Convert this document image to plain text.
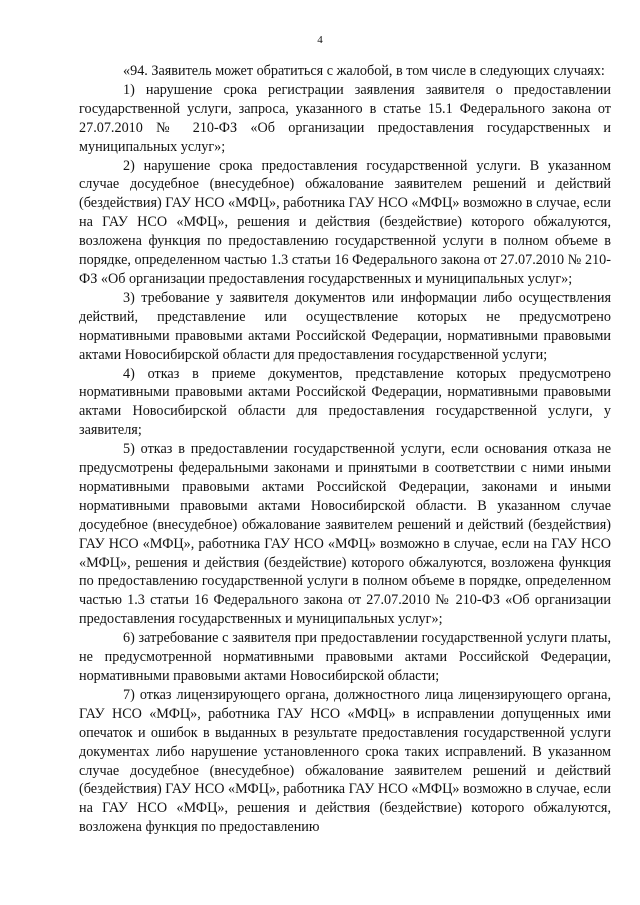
4

«94. Заявитель может обратиться с жалобой, в том числе в следующих случаях:

1) нарушение срока регистрации заявления заявителя о предоставлении государственной услуги, запроса, указанного в статье 15.1 Федерального закона от 27.07.2010 № 210-ФЗ «Об организации предоставления государственных и муниципальных услуг»;

2) нарушение срока предоставления государственной услуги. В указанном случае досудебное (внесудебное) обжалование заявителем решений и действий (бездействия) ГАУ НСО «МФЦ», работника ГАУ НСО «МФЦ» возможно в случае, если на ГАУ НСО «МФЦ», решения и действия (бездействие) которого обжалуются, возложена функция по предоставлению государственной услуги в полном объеме в порядке, определенном частью 1.3 статьи 16 Федерального закона от 27.07.2010 № 210-ФЗ «Об организации предоставления государственных и муниципальных услуг»;

3) требование у заявителя документов или информации либо осуществления действий, представление или осуществление которых не предусмотрено нормативными правовыми актами Российской Федерации, нормативными правовыми актами Новосибирской области для предоставления государственной услуги;

4) отказ в приеме документов, представление которых предусмотрено нормативными правовыми актами Российской Федерации, нормативными правовыми актами Новосибирской области для предоставления государственной услуги, у заявителя;

5) отказ в предоставлении государственной услуги, если основания отказа не предусмотрены федеральными законами и принятыми в соответствии с ними иными нормативными правовыми актами Российской Федерации, законами и иными нормативными правовыми актами Новосибирской области. В указанном случае досудебное (внесудебное) обжалование заявителем решений и действий (бездействия) ГАУ НСО «МФЦ», работника ГАУ НСО «МФЦ» возможно в случае, если на ГАУ НСО «МФЦ», решения и действия (бездействие) которого обжалуются, возложена функция по предоставлению государственной услуги в полном объеме в порядке, определенном частью 1.3 статьи 16 Федерального закона от 27.07.2010 № 210-ФЗ «Об организации предоставления государственных и муниципальных услуг»;

6) затребование с заявителя при предоставлении государственной услуги платы, не предусмотренной нормативными правовыми актами Российской Федерации, нормативными правовыми актами Новосибирской области;

7) отказ лицензирующего органа, должностного лица лицензирующего органа, ГАУ НСО «МФЦ», работника ГАУ НСО «МФЦ» в исправлении допущенных ими опечаток и ошибок в выданных в результате предоставления государственной услуги документах либо нарушение установленного срока таких исправлений. В указанном случае досудебное (внесудебное) обжалование заявителем решений и действий (бездействия) ГАУ НСО «МФЦ», работника ГАУ НСО «МФЦ» возможно в случае, если на ГАУ НСО «МФЦ», решения и действия (бездействие) которого обжалуются, возложена функция по предоставлению
